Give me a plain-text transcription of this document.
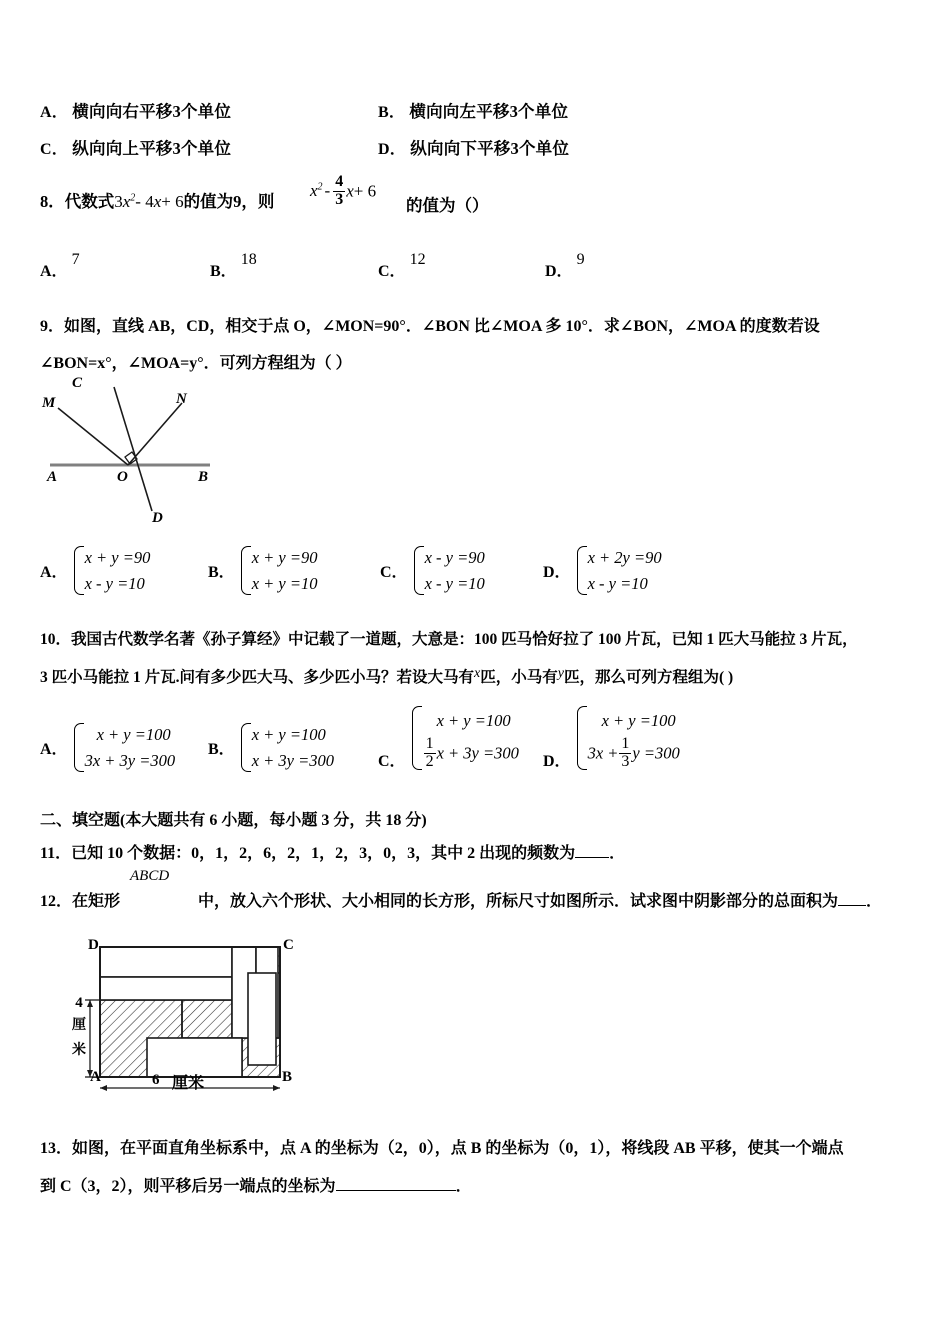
A． 横向向右平移3个单位	B． 横向向左平移3个单位
C． 纵向向上平移3个单位	D． 纵向向下平移3个单位
8．代数式$3x^2-$ 4x+ 6的值为9，则
$x^2 - \frac{4}{3} x+ 6$
的值为（）
A．7
B．18
C．12
D．9
9．如图，直线 AB，CD，相交于点 O，∠MON=90°．∠BON 比∠MOA 多 10°．求∠BON，∠MOA 的度数若设
∠BON=x°，∠MOA=y°．可列方程组为（ ）
C
M	N
A	O	B
D
A．
x + y =90
x - y =10
B．
x + y =90
x + y =10
C．
x - y =90
x - y =10
D．
x + 2y =90
x - y =10
10．我国古代数学名著《孙子算经》中记载了一道题，大意是：100 匹马恰好拉了 100 片瓦，已知 1 匹大马能拉 3 片瓦，
3 匹小马能拉 1 片瓦.问有多少匹大马、多少匹小马？若设大马有x匹，小马有y匹，那么可列方程组为( )
A．
x + y =100
3x + 3y =300
B．
x + y =100
x + 3y =300	C．
x + y =100
$\frac{1}{2}$ x + 3y =300 D．
x + y =100
$3x + \frac{1}{3}$ y =300
二、填空题(本大题共有 6 小题，每小题 3 分，共 18 分)
11．已知 10 个数据：0，1，2，6，2，1，2，3，0，3，其中 2 出现的频数为 ．
12．在矩形	中，放入六个形状、大小相同的长方形，所标尺寸如图所示．试求图中阴影部分的总面积为 ．
ABCD
D	C
A	B
4
厘
米
6 厘米
13．如图，在平面直角坐标系中，点 A 的坐标为（2，0），点 B 的坐标为（0，1），将线段 AB 平移，使其一个端点
到 C（3，2），则平移后另一端点的坐标为	．
